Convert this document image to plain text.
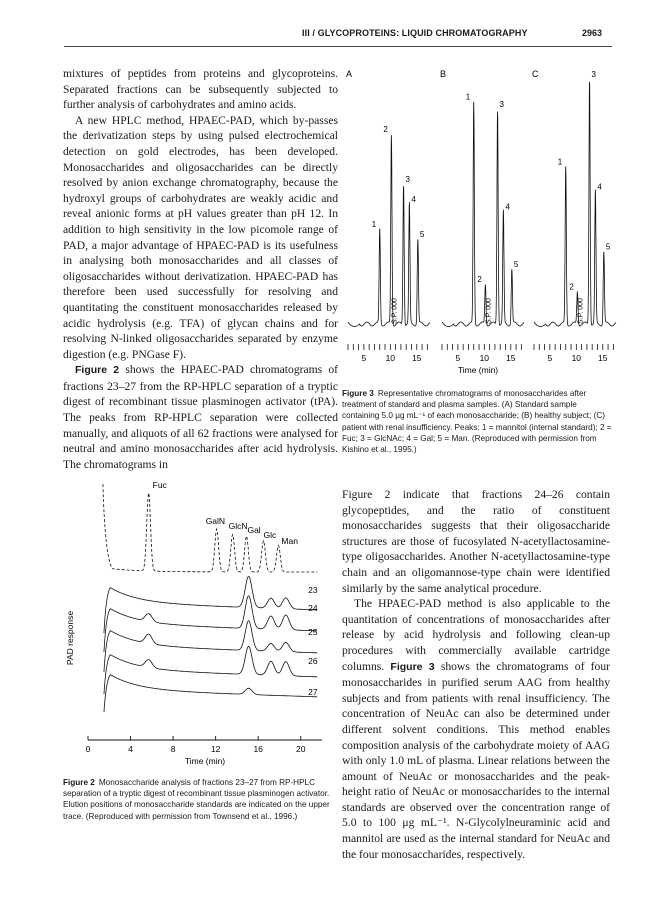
III / GLYCOPROTEINS: LIQUID CHROMATOGRAPHY	2963

mixtures of peptides from proteins and glycoproteins. Separated fractions can be subsequently subjected to further analysis of carbohydrates and amino acids.

A new HPLC method, HPAEC-PAD, which by-passes the derivatization steps by using pulsed electrochemical detection on gold electrodes, has been developed. Monosaccharides and oligosaccharides can be directly resolved by anion exchange chromatography, because the hydroxyl groups of carbohydrates are weakly acidic and reveal anionic forms at pH values greater than pH 12. In addition to high sensitivity in the low picomole range of PAD, a major advantage of HPAEC-PAD is its usefulness in analysing both monosaccharides and all classes of oligosaccharides without derivatization. HPAEC-PAD has therefore been used successfully for resolving and quantitating the constituent monosaccharides released by acidic hydrolysis (e.g. TFA) of glycan chains and for resolving N-linked oligosaccharides separated by enzyme digestion (e.g. PNGase F).

Figure 2 shows the HPAEC-PAD chromatograms of fractions 23–27 from the RP-HPLC separation of a tryptic digest of recombinant tissue plasminogen activator (tPA). The peaks from RP-HPLC separation were collected manually, and aliquots of all 62 fractions were analysed for neutral and amino monosaccharides after acid hydrolysis. The chromatograms in

Figure 2 indicate that fractions 24–26 contain glycopeptides, and the ratio of constituent monosaccharides suggests that their oligosaccharide structures are those of fucosylated N-acetyllactosamine-type oligosaccharides. Another N-acetyllactosamine-type chain and an oligomannose-type chain were identified similarly by the same analytical procedure.

The HPAEC-PAD method is also applicable to the quantitation of concentrations of monosaccharides after release by acid hydrolysis and following clean-up procedures with commercially available cartridge columns. Figure 3 shows the chromatograms of four monosaccharides in purified serum AAG from healthy subjects and from patients with renal insufficiency. The concentration of NeuAc can also be determined under different solvent conditions. This method enables composition analysis of the carbohydrate moiety of AAG with only 1.0 mL of plasma. Linear relations between the amount of NeuAc or monosaccharides and the peak-height ratio of NeuAc or monosaccharides to the internal standards are observed over the concentration range of 5.0 to 100 μg mL⁻¹. N-Glycolylneuraminic acid and mannitol are used as the internal standard for NeuAc and the four monosaccharides, respectively.

A
1
2
3
4
5
S.P. 000
5 10 15
B
1
2
3
4
5
S.P. 000
5 10 15
C
1
2
3
4
5
S.P. 000
5 10 15
Time (min)
Figure 3 Representative chromatograms of monosaccharides after treatment of standard and plasma samples. (A) Standard sample containing 5.0 μg mL⁻¹ of each monosaccharide; (B) healthy subject; (C) patient with renal insufficiency. Peaks: 1 = mannitol (internal standard); 2 = Fuc; 3 = GlcNAc; 4 = Gal; 5 = Man. (Reproduced with permission from Kishino et al., 1995.)
0	4	8	12	16	20
Time (min)
PAD response
Fuc
GalN GlcN Gal Glc
Man
23
24
25
26
27
Figure 2 Monosaccharide analysis of fractions 23–27 from RP-HPLC separation of a tryptic digest of recombinant tissue plasminogen activator. Elution positions of monosaccharide standards are indicated on the upper trace. (Reproduced with permission from Townsend et al., 1996.)
